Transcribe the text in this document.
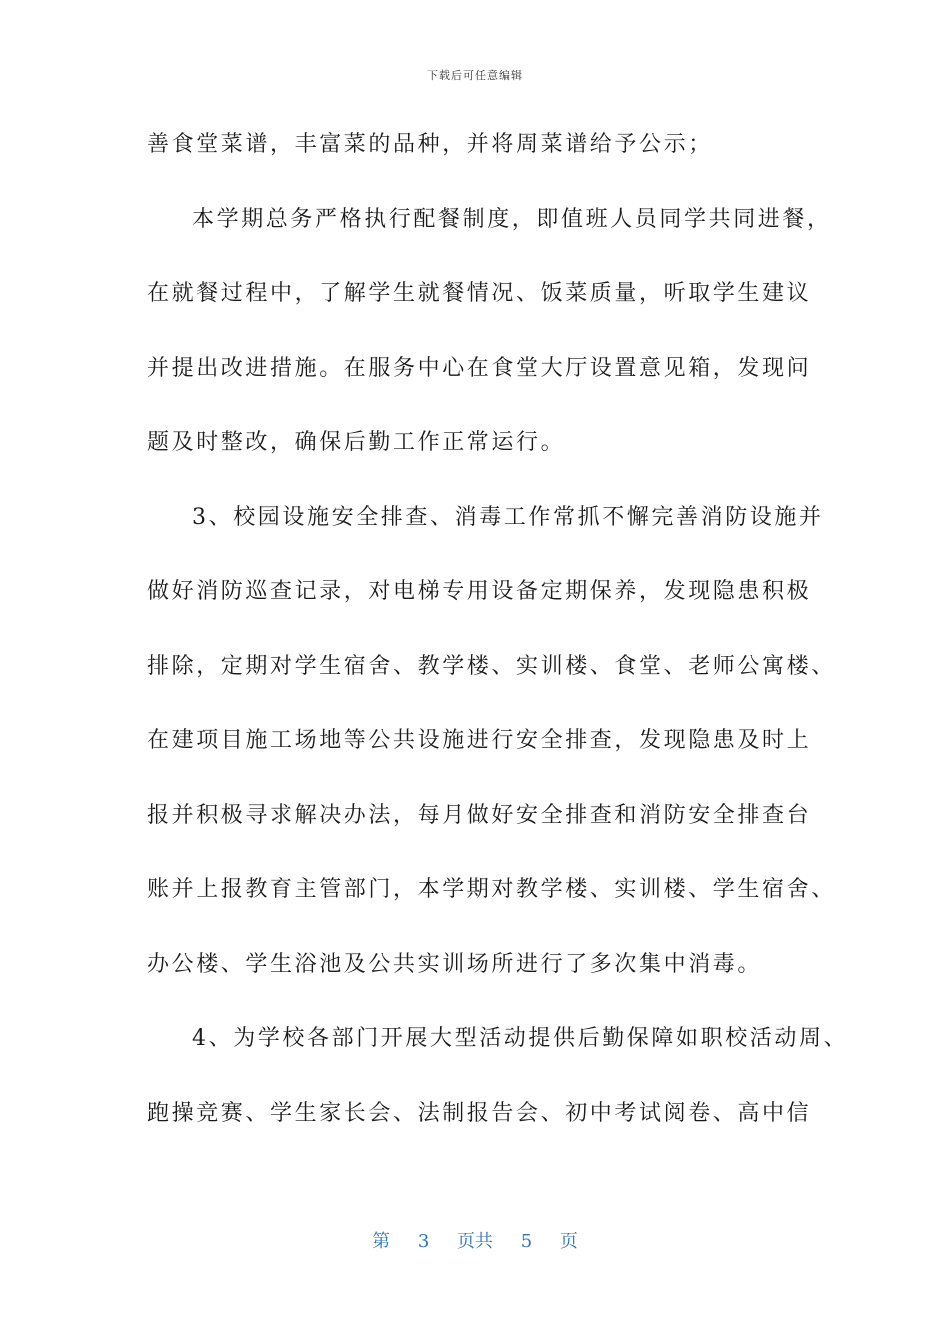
下载后可任意编辑
善食堂菜谱，丰富菜的品种，并将周菜谱给予公示；
本学期总务严格执行配餐制度，即值班人员同学共同进餐，
在就餐过程中，了解学生就餐情况、饭菜质量，听取学生建议
并提出改进措施。在服务中心在食堂大厅设置意见箱，发现问
题及时整改，确保后勤工作正常运行。
3、校园设施安全排查、消毒工作常抓不懈完善消防设施并
做好消防巡查记录，对电梯专用设备定期保养，发现隐患积极
排除，定期对学生宿舍、教学楼、实训楼、食堂、老师公寓楼、
在建项目施工场地等公共设施进行安全排查，发现隐患及时上
报并积极寻求解决办法，每月做好安全排查和消防安全排查台
账并上报教育主管部门，本学期对教学楼、实训楼、学生宿舍、
办公楼、学生浴池及公共实训场所进行了多次集中消毒。
4、为学校各部门开展大型活动提供后勤保障如职校活动周、
跑操竞赛、学生家长会、法制报告会、初中考试阅卷、高中信
第 3 页共 5 页
